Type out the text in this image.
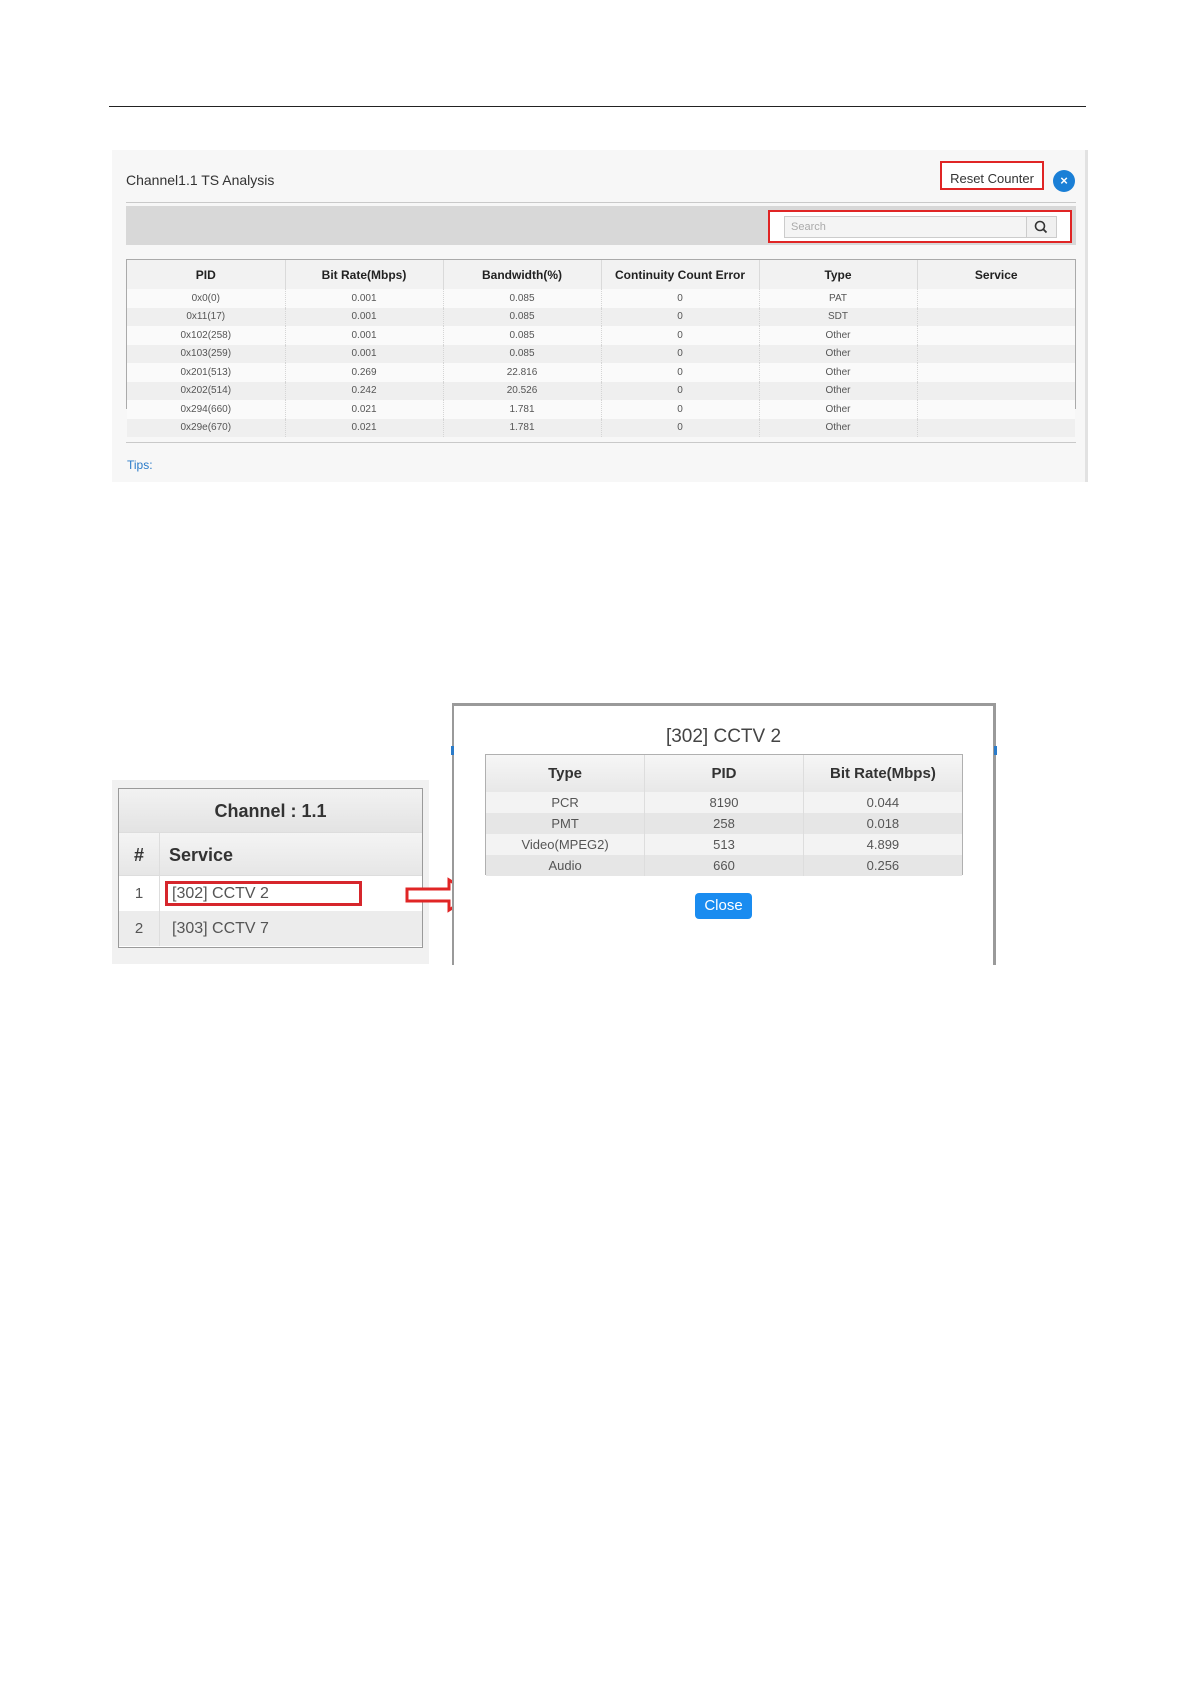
Channel1.1 TS Analysis	Reset Counter	×
Search
PID	Bit Rate(Mbps)	Bandwidth(%)	Continuity Count Error	Type	Service
0x0(0)	0.001	0.085	0	PAT	
0x11(17)	0.001	0.085	0	SDT	
0x102(258)	0.001	0.085	0	Other	
0x103(259)	0.001	0.085	0	Other	
0x201(513)	0.269	22.816	0	Other	
0x202(514)	0.242	20.526	0	Other	
0x294(660)	0.021	1.781	0	Other	
0x29e(670)	0.021	1.781	0	Other	
Tips:
Channel : 1.1
#	Service
1	[302] CCTV 2
2	[303] CCTV 7
[302] CCTV 2
Type	PID	Bit Rate(Mbps)
PCR	8190	0.044
PMT	258	0.018
Video(MPEG2)	513	4.899
Audio	660	0.256
Close
